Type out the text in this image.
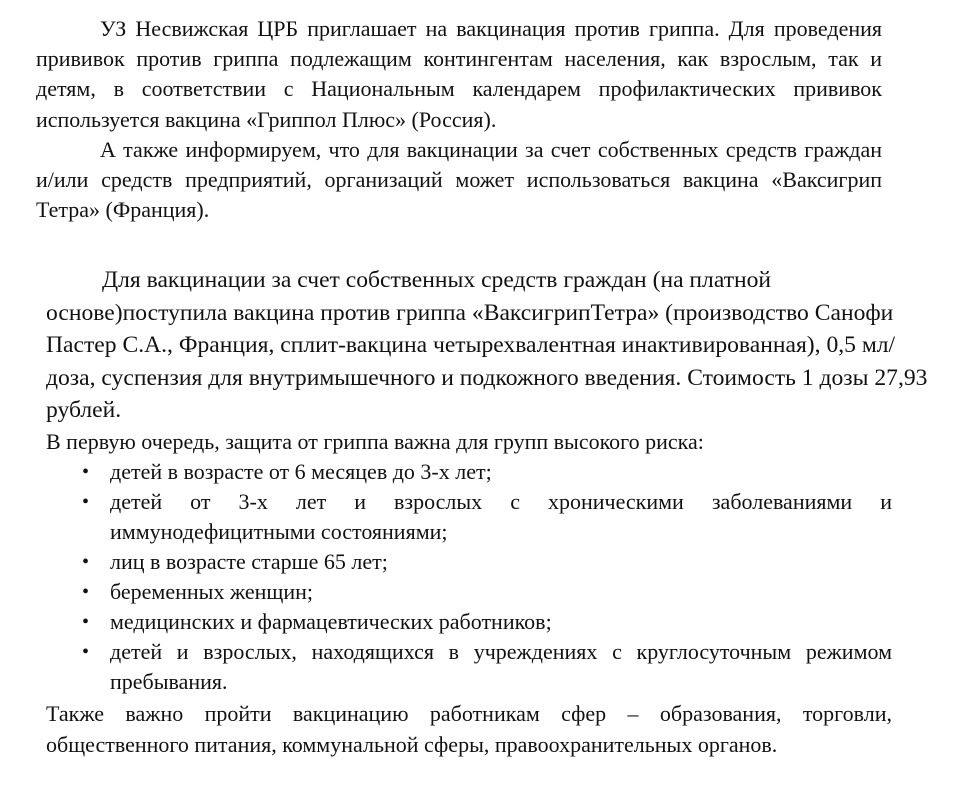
УЗ Несвижская ЦРБ приглашает на вакцинация против гриппа. Для проведения прививок против гриппа подлежащим контингентам населения, как взрослым, так и детям, в соответствии с Национальным календарем профилактических прививок используется вакцина «Гриппол Плюс» (Россия).

А также информируем, что для вакцинации за счет собственных средств граждан и/или средств предприятий, организаций может использоваться вакцина «Ваксигрип Тетра» (Франция).

Для вакцинации за счет собственных средств граждан (на платной основе)поступила вакцина против гриппа «ВаксигрипТетра» (производство Санофи Пастер С.А., Франция, сплит-вакцина четырехвалентная инактивированная), 0,5 мл/доза, суспензия для внутримышечного и подкожного введения. Стоимость 1 дозы 27,93 рублей.

В первую очередь, защита от гриппа важна для групп высокого риска:

• детей в возрасте от 6 месяцев до 3-х лет;
• детей от 3-х лет и взрослых с хроническими заболеваниями и иммунодефицитными состояниями;
• лиц в возрасте старше 65 лет;
• беременных женщин;
• медицинских и фармацевтических работников;
• детей и взрослых, находящихся в учреждениях с круглосуточным режимом пребывания.

Также важно пройти вакцинацию работникам сфер – образования, торговли, общественного питания, коммунальной сферы, правоохранительных органов.
